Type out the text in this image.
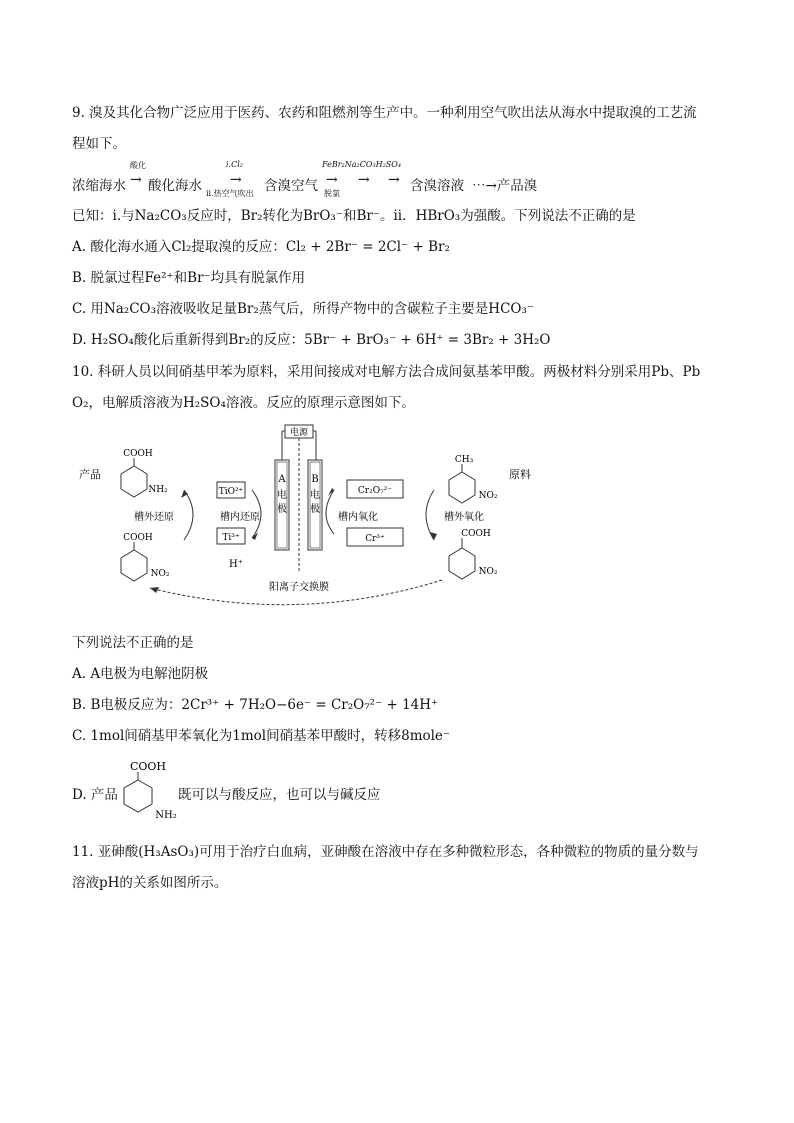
9. 溴及其化合物广泛应用于医药、农药和阻燃剂等生产中。一种利用空气吹出法从海水中提取溴的工艺流
程如下。
浓缩海水
酸化
→ 酸化海水
i.Cl₂
→
ii.热空气吹出 含溴空气
FeBr₂Na₂CO₃H₂SO₄
→
脱氯
→ → 含溴溶液 ⋯→产品溴
已知：i.与Na₂CO₃反应时，Br₂转化为BrO₃⁻和Br⁻。ii．HBrO₃为强酸。下列说法不正确的是
A. 酸化海水通入Cl₂提取溴的反应：Cl₂ + 2Br⁻ = 2Cl⁻ + Br₂
B. 脱氯过程Fe²⁺和Br⁻均具有脱氯作用
C. 用Na₂CO₃溶液吸收足量Br₂蒸气后，所得产物中的含碳粒子主要是HCO₃⁻
D. H₂SO₄酸化后重新得到Br₂的反应：5Br⁻ + BrO₃⁻ + 6H⁺ = 3Br₂ + 3H₂O
10. 科研人员以间硝基甲苯为原料，采用间接成对电解方法合成间氨基苯甲酸。两极材料分别采用Pb、Pb
O₂，电解质溶液为H₂SO₄溶液。反应的原理示意图如下。
电源
A
电
极
B
电
极
TiO²⁺
Ti³⁺
H⁺
槽内还原
Cr₂O₇²⁻
Cr³⁺
槽内氧化
产品
COOH
NH₂
COOH
NO₂
槽外还原
原料
CH₃
NO₂
COOH
NO₂
槽外氧化
阳离子交换膜
下列说法不正确的是
A. A电极为电解池阴极
B. B电极反应为：2Cr³⁺ + 7H₂O−6e⁻ = Cr₂O₇²⁻ + 14H⁺
C. 1mol间硝基甲苯氧化为1mol间硝基苯甲酸时，转移8mole⁻
D. 产品
COOH
NH₂
既可以与酸反应，也可以与碱反应
11. 亚砷酸(H₃AsO₃)可用于治疗白血病，亚砷酸在溶液中存在多种微粒形态，各种微粒的物质的量分数与
溶液pH的关系如图所示。
